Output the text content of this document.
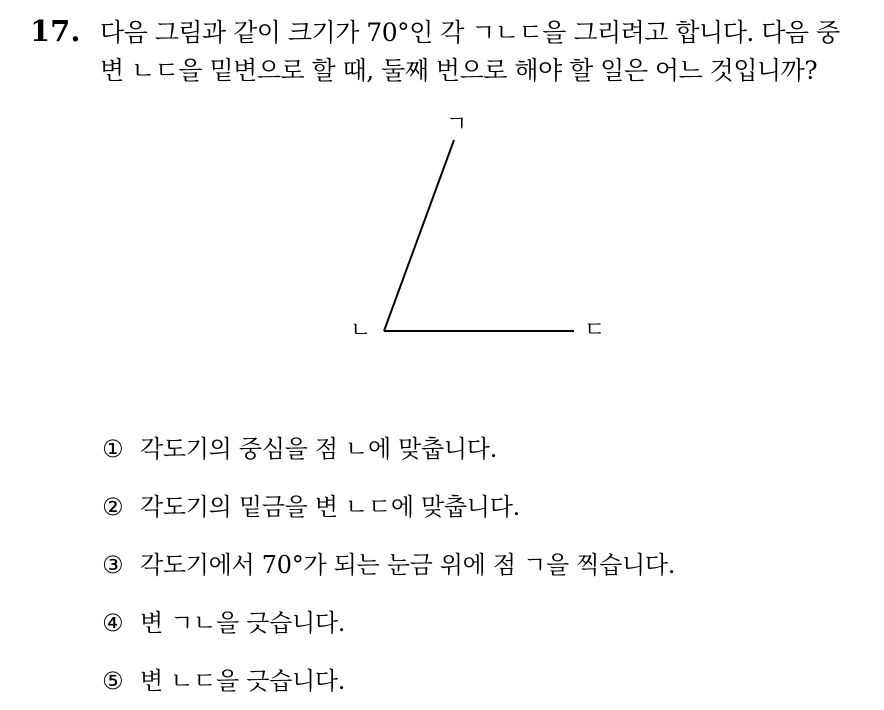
17. 다음 그림과 같이 크기가 70°인 각 ㄱㄴㄷ을 그리려고 합니다. 다음 중
변 ㄴㄷ을 밑변으로 할 때, 둘째 번으로 해야 할 일은 어느 것입니까?
ㄱ
ㄴ	ㄷ
① 각도기의 중심을 점 ㄴ에 맞춥니다.
② 각도기의 밑금을 변 ㄴㄷ에 맞춥니다.
③ 각도기에서 70°가 되는 눈금 위에 점 ㄱ을 찍습니다.
④ 변 ㄱㄴ을 긋습니다.
⑤ 변 ㄴㄷ을 긋습니다.
